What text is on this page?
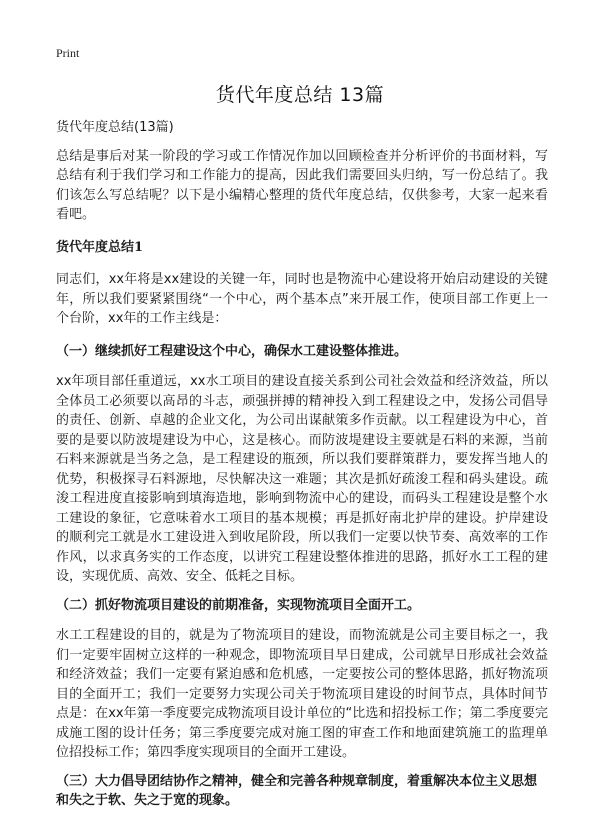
Print
货代年度总结 13篇
货代年度总结(13篇)

总结是事后对某一阶段的学习或工作情况作加以回顾检查并分析评价的书面材料，写总结有利于我们学习和工作能力的提高，因此我们需要回头归纳，写一份总结了。我们该怎么写总结呢？以下是小编精心整理的货代年度总结，仅供参考，大家一起来看看吧。

货代年度总结1

同志们，xx年将是xx建设的关键一年，同时也是物流中心建设将开始启动建设的关键年，所以我们要紧紧围绕“一个中心，两个基本点”来开展工作，使项目部工作更上一个台阶，xx年的工作主线是：

（一）继续抓好工程建设这个中心，确保水工建设整体推进。

xx年项目部任重道远，xx水工项目的建设直接关系到公司社会效益和经济效益，所以全体员工必须要以高昂的斗志，顽强拼搏的精神投入到工程建设之中，发扬公司倡导的责任、创新、卓越的企业文化，为公司出谋献策多作贡献。以工程建设为中心，首要的是要以防波堤建设为中心，这是核心。而防波堤建设主要就是石料的来源，当前石料来源就是当务之急，是工程建设的瓶颈，所以我们要群策群力，要发挥当地人的优势，积极探寻石料源地，尽快解决这一难题；其次是抓好疏浚工程和码头建设。疏浚工程进度直接影响到填海造地，影响到物流中心的建设，而码头工程建设是整个水工建设的象征，它意味着水工项目的基本规模；再是抓好南北护岸的建设。护岸建设的顺利完工就是水工建设进入到收尾阶段，所以我们一定要以快节奏、高效率的工作作风，以求真务实的工作态度，以讲究工程建设整体推进的思路，抓好水工工程的建设，实现优质、高效、安全、低耗之目标。

（二）抓好物流项目建设的前期准备，实现物流项目全面开工。

水工工程建设的目的，就是为了物流项目的建设，而物流就是公司主要目标之一，我们一定要牢固树立这样的一种观念，即物流项目早日建成，公司就早日形成社会效益和经济效益；我们一定要有紧迫感和危机感，一定要按公司的整体思路，抓好物流项目的全面开工；我们一定要努力实现公司关于物流项目建设的时间节点，具体时间节点是：在xx年第一季度要完成物流项目设计单位的“比选和招投标工作；第二季度要完成施工图的设计任务；第三季度要完成对施工图的审查工作和地面建筑施工的监理单位招投标工作；第四季度实现项目的全面开工建设。

（三）大力倡导团结协作之精神，健全和完善各种规章制度，着重解决本位主义思想和失之于软、失之于宽的现象。
